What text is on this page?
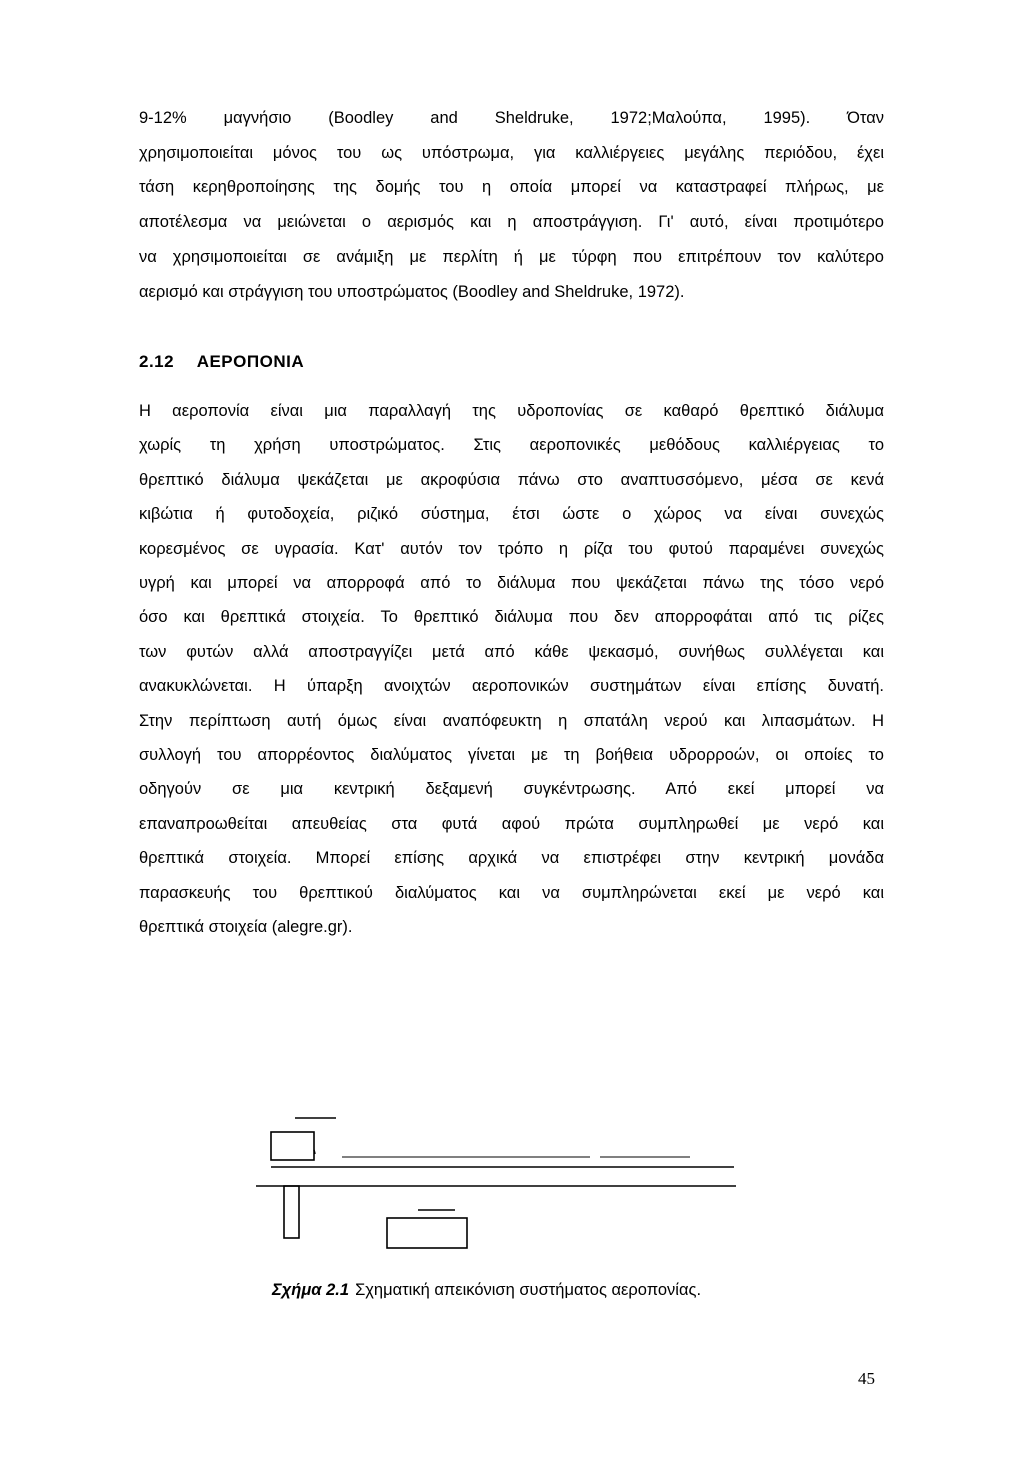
9-12% μαγνήσιο (Boodley and Sheldruke, 1972;Μαλούπα, 1995). Όταν
χρησιμοποιείται μόνος του ως υπόστρωμα, για καλλιέργειες μεγάλης περιόδου, έχει
τάση κερηθροποίησης της δομής του η οποία μπορεί να καταστραφεί πλήρως, με
αποτέλεσμα να μειώνεται ο αερισμός και η αποστράγγιση. Γι' αυτό, είναι προτιμότερο
να χρησιμοποιείται σε ανάμιξη με περλίτη ή με τύρφη που επιτρέπουν τον καλύτερο
αερισμό και στράγγιση του υποστρώματος (Boodley and Sheldruke, 1972).
2.12 ΑΕΡΟΠΟΝΙΑ
Η αεροπονία είναι μια παραλλαγή της υδροπονίας σε καθαρό θρεπτικό διάλυμα
χωρίς τη χρήση υποστρώματος. Στις αεροπονικές μεθόδους καλλιέργειας το
θρεπτικό διάλυμα ψεκάζεται με ακροφύσια πάνω στο αναπτυσσόμενο, μέσα σε κενά
κιβώτια ή φυτοδοχεία, ριζικό σύστημα, έτσι ώστε ο χώρος να είναι συνεχώς
κορεσμένος σε υγρασία. Κατ' αυτόν τον τρόπο η ρίζα του φυτού παραμένει συνεχώς
υγρή και μπορεί να απορροφά από το διάλυμα που ψεκάζεται πάνω της τόσο νερό
όσο και θρεπτικά στοιχεία. Το θρεπτικό διάλυμα που δεν απορροφάται από τις ρίζες
των φυτών αλλά αποστραγγίζει μετά από κάθε ψεκασμό, συνήθως συλλέγεται και
ανακυκλώνεται. Η ύπαρξη ανοιχτών αεροπονικών συστημάτων είναι επίσης δυνατή.
Στην περίπτωση αυτή όμως είναι αναπόφευκτη η σπατάλη νερού και λιπασμάτων. Η
συλλογή του απορρέοντος διαλύματος γίνεται με τη βοήθεια υδρορροών, οι οποίες το
οδηγούν σε μια κεντρική δεξαμενή συγκέντρωσης. Από εκεί μπορεί να
επαναπροωθείται απευθείας στα φυτά αφού πρώτα συμπληρωθεί με νερό και
θρεπτικά στοιχεία. Μπορεί επίσης αρχικά να επιστρέφει στην κεντρική μονάδα
παρασκευής του θρεπτικού διαλύματος και να συμπληρώνεται εκεί με νερό και
θρεπτικά στοιχεία (alegre.gr).
Σχήμα 2.1 Σχηματική απεικόνιση συστήματος αεροπονίας.
45
